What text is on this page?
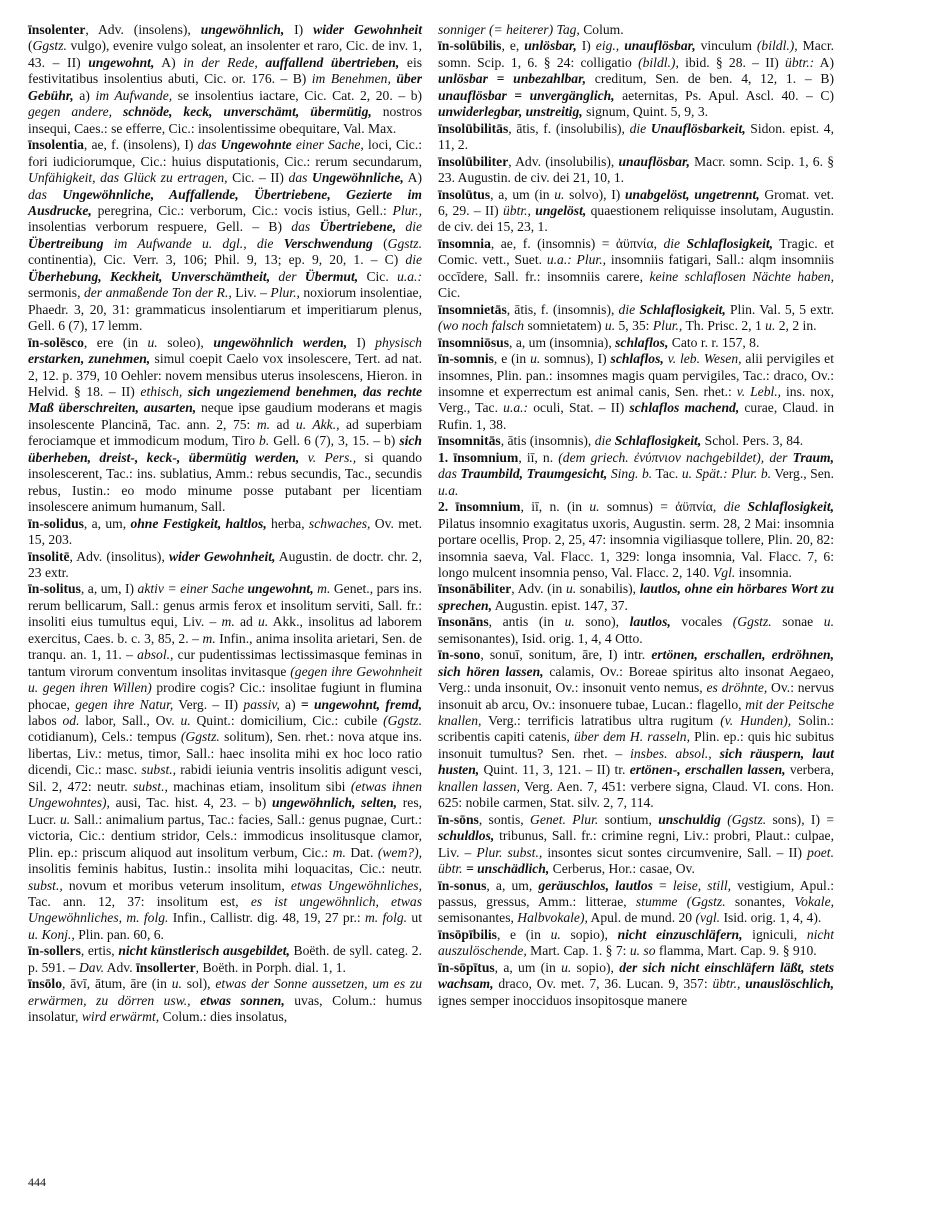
īnsolenter, Adv. (insolens), ungewöhnlich, I) wider Gewohnheit (Ggstz. vulgo), evenire vulgo soleat, an insolenter et raro, Cic. de inv. 1, 43. – II) ungewohnt, A) in der Rede, auffallend übertrieben, eis festivitatibus insolentius abuti, Cic. or. 176. – B) im Benehmen, über Gebühr, a) im Aufwande, se insolentius iactare, Cic. Cat. 2, 20. – b) gegen andere, schnöde, keck, unverschämt, übermütig, nostros insequi, Caes.: se efferre, Cic.: insolentissime obequitare, Val. Max.

īnsolentia, ae, f. (insolens), I) das Ungewohnte einer Sache, loci, Cic.: fori iudiciorumque, Cic.: huius disputationis, Cic.: rerum secundarum, Unfähigkeit, das Glück zu ertragen, Cic. – II) das Ungewöhnliche, A) das Ungewöhnliche, Auffallende, Übertriebene, Gezierte im Ausdrucke, peregrina, Cic.: verborum, Cic.: vocis istius, Gell.: Plur., insolentias verborum respuere, Gell. – B) das Übertriebene, die Übertreibung im Aufwande u. dgl., die Verschwendung (Ggstz. continentia), Cic. Verr. 3, 106; Phil. 9, 13; ep. 9, 20, 1. – C) die Überhebung, Keckheit, Unverschämtheit, der Übermut, Cic. u.a.: sermonis, der anmaßende Ton der R., Liv. – Plur., noxiorum insolentiae, Phaedr. 3, 20, 31: grammaticus insolentiarum et imperitiarum plenus, Gell. 6 (7), 17 lemm.

īn-solēsco, ere (in u. soleo), ungewöhnlich werden, I) physisch erstarken, zunehmen, simul coepit Caelo vox insolescere, Tert. ad nat. 2, 12. p. 379, 10 Oehler: novem mensibus uterus insolescens, Hieron. in Helvid. § 18. – II) ethisch, sich ungeziemend benehmen, das rechte Maß überschreiten, ausarten, neque ipse gaudium moderans et magis insolescente Plancinā, Tac. ann. 2, 75: m. ad u. Akk., ad superbiam ferociamque et immodicum modum, Tiro b. Gell. 6 (7), 3, 15. – b) sich überheben, dreist-, keck-, übermütig werden, v. Pers., si quando insolescerent, Tac.: ins. sublatius, Amm.: rebus secundis, Tac., secundis rebus, Iustin.: eo modo minume posse putabant per licentiam insolescere animum humanum, Sall.

īn-solidus, a, um, ohne Festigkeit, haltlos, herba, schwaches, Ov. met. 15, 203.

īnsolitē, Adv. (insolitus), wider Gewohnheit, Augustin. de doctr. chr. 2, 23 extr.

īn-solitus, a, um, I) aktiv = einer Sache ungewohnt, m. Genet., pars ins. rerum bellicarum, Sall.: genus armis ferox et insolitum serviti, Sall. fr.: insoliti eius tumultus equi, Liv. – m. ad u. Akk., insolitus ad laborem exercitus, Caes. b. c. 3, 85, 2. – m. Infin., anima insolita arietari, Sen. de tranqu. an. 1, 11. – absol., cur pudentissimas lectissimasque feminas in tantum virorum conventum insolitas invitasque (gegen ihre Gewohnheit u. gegen ihren Willen) prodire cogis? Cic.: insolitae fugiunt in flumina phocae, gegen ihre Natur, Verg. – II) passiv, a) = ungewohnt, fremd, labos od. labor, Sall., Ov. u. Quint.: domicilium, Cic.: cubile (Ggstz. cotidianum), Cels.: tempus (Ggstz. solitum), Sen. rhet.: nova atque ins. libertas, Liv.: metus, timor, Sall.: haec insolita mihi ex hoc loco ratio dicendi, Cic.: masc. subst., rabidi ieiunia ventris insolitis adigunt vesci, Sil. 2, 472: neutr. subst., machinas etiam, insolitum sibi (etwas ihnen Ungewohntes), ausi, Tac. hist. 4, 23. – b) ungewöhnlich, selten, res, Lucr. u. Sall.: animalium partus, Tac.: facies, Sall.: genus pugnae, Curt.: victoria, Cic.: dentium stridor, Cels.: immodicus insolitusque clamor, Plin. ep.: priscum aliquod aut insolitum verbum, Cic.: m. Dat. (wem?), insolitis feminis habitus, Iustin.: insolita mihi loquacitas, Cic.: neutr. subst., novum et moribus veterum insolitum, etwas Ungewöhnliches, Tac. ann. 12, 37: insolitum est, es ist ungewöhnlich, etwas Ungewöhnliches, m. folg. Infin., Callistr. dig. 48, 19, 27 pr.: m. folg. ut u. Konj., Plin. pan. 60, 6.

īn-sollers, ertis, nicht künstlerisch ausgebildet, Boëth. de syll. categ. 2. p. 591. – Dav. Adv. īnsollerter, Boëth. in Porph. dial. 1, 1.

īnsōlo, āvī, ātum, āre (in u. sol), etwas der Sonne aussetzen, um es zu erwärmen, zu dörren usw., etwas sonnen, uvas, Colum.: humus insolatur, wird erwärmt, Colum.: dies insolatus,

sonniger (= heiterer) Tag, Colum.

īn-solūbilis, e, unlösbar, I) eig., unauflösbar, vinculum (bildl.), Macr. somn. Scip. 1, 6. § 24: colligatio (bildl.), ibid. § 28. – II) übtr.: A) unlösbar = unbezahlbar, creditum, Sen. de ben. 4, 12, 1. – B) unauflösbar = unvergänglich, aeternitas, Ps. Apul. Ascl. 40. – C) unwiderlegbar, unstreitig, signum, Quint. 5, 9, 3.

īnsolūbilitās, ātis, f. (insolubilis), die Unauflösbarkeit, Sidon. epist. 4, 11, 2.

īnsolūbiliter, Adv. (insolubilis), unauflösbar, Macr. somn. Scip. 1, 6. § 23. Augustin. de civ. dei 21, 10, 1.

īnsolūtus, a, um (in u. solvo), I) unabgelöst, ungetrennt, Gromat. vet. 6, 29. – II) übtr., ungelöst, quaestionem reliquisse insolutam, Augustin. de civ. dei 15, 23, 1.

īnsomnia, ae, f. (insomnis) = ἀϋπνία, die Schlaflosigkeit, Tragic. et Comic. vett., Suet. u.a.: Plur., insomniis fatigari, Sall.: alqm insomniis occīdere, Sall. fr.: insomniis carere, keine schlaflosen Nächte haben, Cic.

īnsomnietās, ātis, f. (insomnis), die Schlaflosigkeit, Plin. Val. 5, 5 extr. (wo noch falsch somnietatem) u. 5, 35: Plur., Th. Prisc. 2, 1 u. 2, 2 in.

īnsomniōsus, a, um (insomnia), schlaflos, Cato r. r. 157, 8.

īn-somnis, e (in u. somnus), I) schlaflos, v. leb. Wesen, alii pervigiles et insomnes, Plin. pan.: insomnes magis quam pervigiles, Tac.: draco, Ov.: insomne et experrectum est animal canis, Sen. rhet.: v. Lebl., ins. nox, Verg., Tac. u.a.: oculi, Stat. – II) schlaflos machend, curae, Claud. in Rufin. 1, 38.

īnsomnitās, ātis (insomnis), die Schlaflosigkeit, Schol. Pers. 3, 84.

1. īnsomnium, iī, n. (dem griech. ἐνύπνιον nachgebildet), der Traum, das Traumbild, Traumgesicht, Sing. b. Tac. u. Spät.: Plur. b. Verg., Sen. u.a.

2. īnsomnium, iī, n. (in u. somnus) = ἀϋπνία, die Schlaflosigkeit, Pilatus insomnio exagitatus uxoris, Augustin. serm. 28, 2 Mai: insomnia portare ocellis, Prop. 2, 25, 47: insomnia vigiliasque tollere, Plin. 20, 82: insomnia saeva, Val. Flacc. 1, 329: longa insomnia, Val. Flacc. 7, 6: longo mulcent insomnia penso, Val. Flacc. 2, 140. Vgl. insomnia.

īnsonābiliter, Adv. (in u. sonabilis), lautlos, ohne ein hörbares Wort zu sprechen, Augustin. epist. 147, 37.

īnsonāns, antis (in u. sono), lautlos, vocales (Ggstz. sonae u. semisonantes), Isid. orig. 1, 4, 4 Otto.

īn-sono, sonuī, sonitum, āre, I) intr. ertönen, erschallen, erdröhnen, sich hören lassen, calamis, Ov.: Boreae spiritus alto insonat Aegaeo, Verg.: unda insonuit, Ov.: insonuit vento nemus, es dröhnte, Ov.: nervus insonuit ab arcu, Ov.: insonuere tubae, Lucan.: flagello, mit der Peitsche knallen, Verg.: terrificis latratibus ultra rugitum (v. Hunden), Solin.: scribentis capiti catenis, über dem H. rasseln, Plin. ep.: quis hic subitus insonuit tumultus? Sen. rhet. – insbes. absol., sich räuspern, laut husten, Quint. 11, 3, 121. – II) tr. ertönen-, erschallen lassen, verbera, knallen lassen, Verg. Aen. 7, 451: verbere signa, Claud. VI. cons. Hon. 625: nobile carmen, Stat. silv. 2, 7, 114.

īn-sōns, sontis, Genet. Plur. sontium, unschuldig (Ggstz. sons), I) = schuldlos, tribunus, Sall. fr.: crimine regni, Liv.: probri, Plaut.: culpae, Liv. – Plur. subst., insontes sicut sontes circumvenire, Sall. – II) poet. übtr. = unschädlich, Cerberus, Hor.: casae, Ov.

īn-sonus, a, um, geräuschlos, lautlos = leise, still, vestigium, Apul.: passus, gressus, Amm.: litterae, stumme (Ggstz. sonantes, Vokale, semisonantes, Halbvokale), Apul. de mund. 20 (vgl. Isid. orig. 1, 4, 4).

īnsōpībilis, e (in u. sopio), nicht einzuschläfern, igniculi, nicht auszulöschende, Mart. Cap. 1. § 7: u. so flamma, Mart. Cap. 9. § 910.

īn-sōpītus, a, um (in u. sopio), der sich nicht einschläfern läßt, stets wachsam, draco, Ov. met. 7, 36. Lucan. 9, 357: übtr., unauslöschlich, ignes semper inocciduos insopitosque manere

444
